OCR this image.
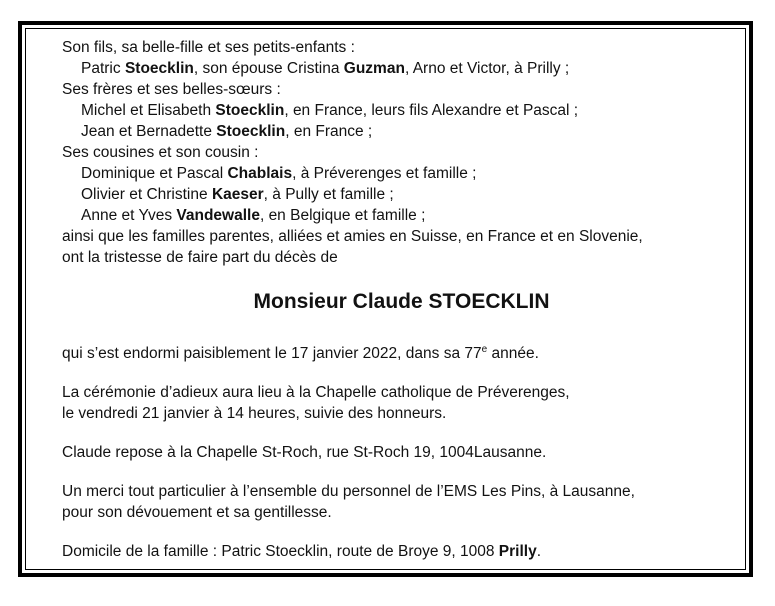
Son fils, sa belle-fille et ses petits-enfants :
Patric Stoecklin, son épouse Cristina Guzman, Arno et Victor, à Prilly ;
Ses frères et ses belles-sœurs :
Michel et Elisabeth Stoecklin, en France, leurs fils Alexandre et Pascal ;
Jean et Bernadette Stoecklin, en France ;
Ses cousines et son cousin :
Dominique et Pascal Chablais, à Préverenges et famille ;
Olivier et Christine Kaeser, à Pully et famille ;
Anne et Yves Vandewalle, en Belgique et famille ;
ainsi que les familles parentes, alliées et amies en Suisse, en France et en Slovenie,
ont la tristesse de faire part du décès de
Monsieur Claude STOECKLIN
qui s’est endormi paisiblement le 17 janvier 2022, dans sa 77e année.
La cérémonie d’adieux aura lieu à la Chapelle catholique de Préverenges,
le vendredi 21 janvier à 14 heures, suivie des honneurs.
Claude repose à la Chapelle St-Roch, rue St-Roch 19, 1004Lausanne.
Un merci tout particulier à l’ensemble du personnel de l’EMS Les Pins, à Lausanne,
pour son dévouement et sa gentillesse.
Domicile de la famille : Patric Stoecklin, route de Broye 9, 1008 Prilly.
